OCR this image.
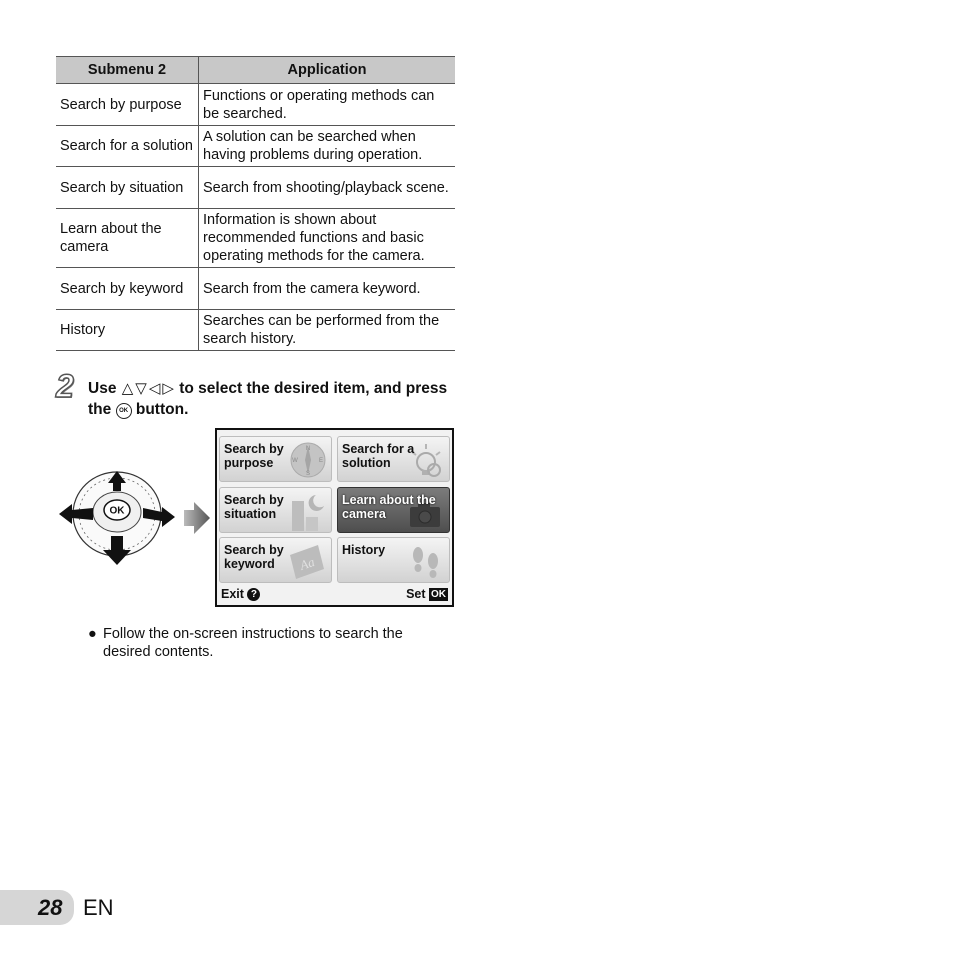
Submenu 2	Application
Search by purpose	Functions or operating methods can be searched.
Search for a solution	A solution can be searched when having problems during operation.
Search by situation	Search from shooting/playback scene.
Learn about the camera	Information is shown about recommended functions and basic operating methods for the camera.
Search by keyword	Search from the camera keyword.
History	Searches can be performed from the search history.
2 Use △ ▽ ◁ ▷ to select the desired item, and press the OK button.
OK
Search by purpose
N
W	E
S
Search for a solution
Search by situation
Learn about the camera
Search by keyword	Aa
History
Exit ?	Set OK
● Follow the on-screen instructions to search the desired contents.
28 EN
